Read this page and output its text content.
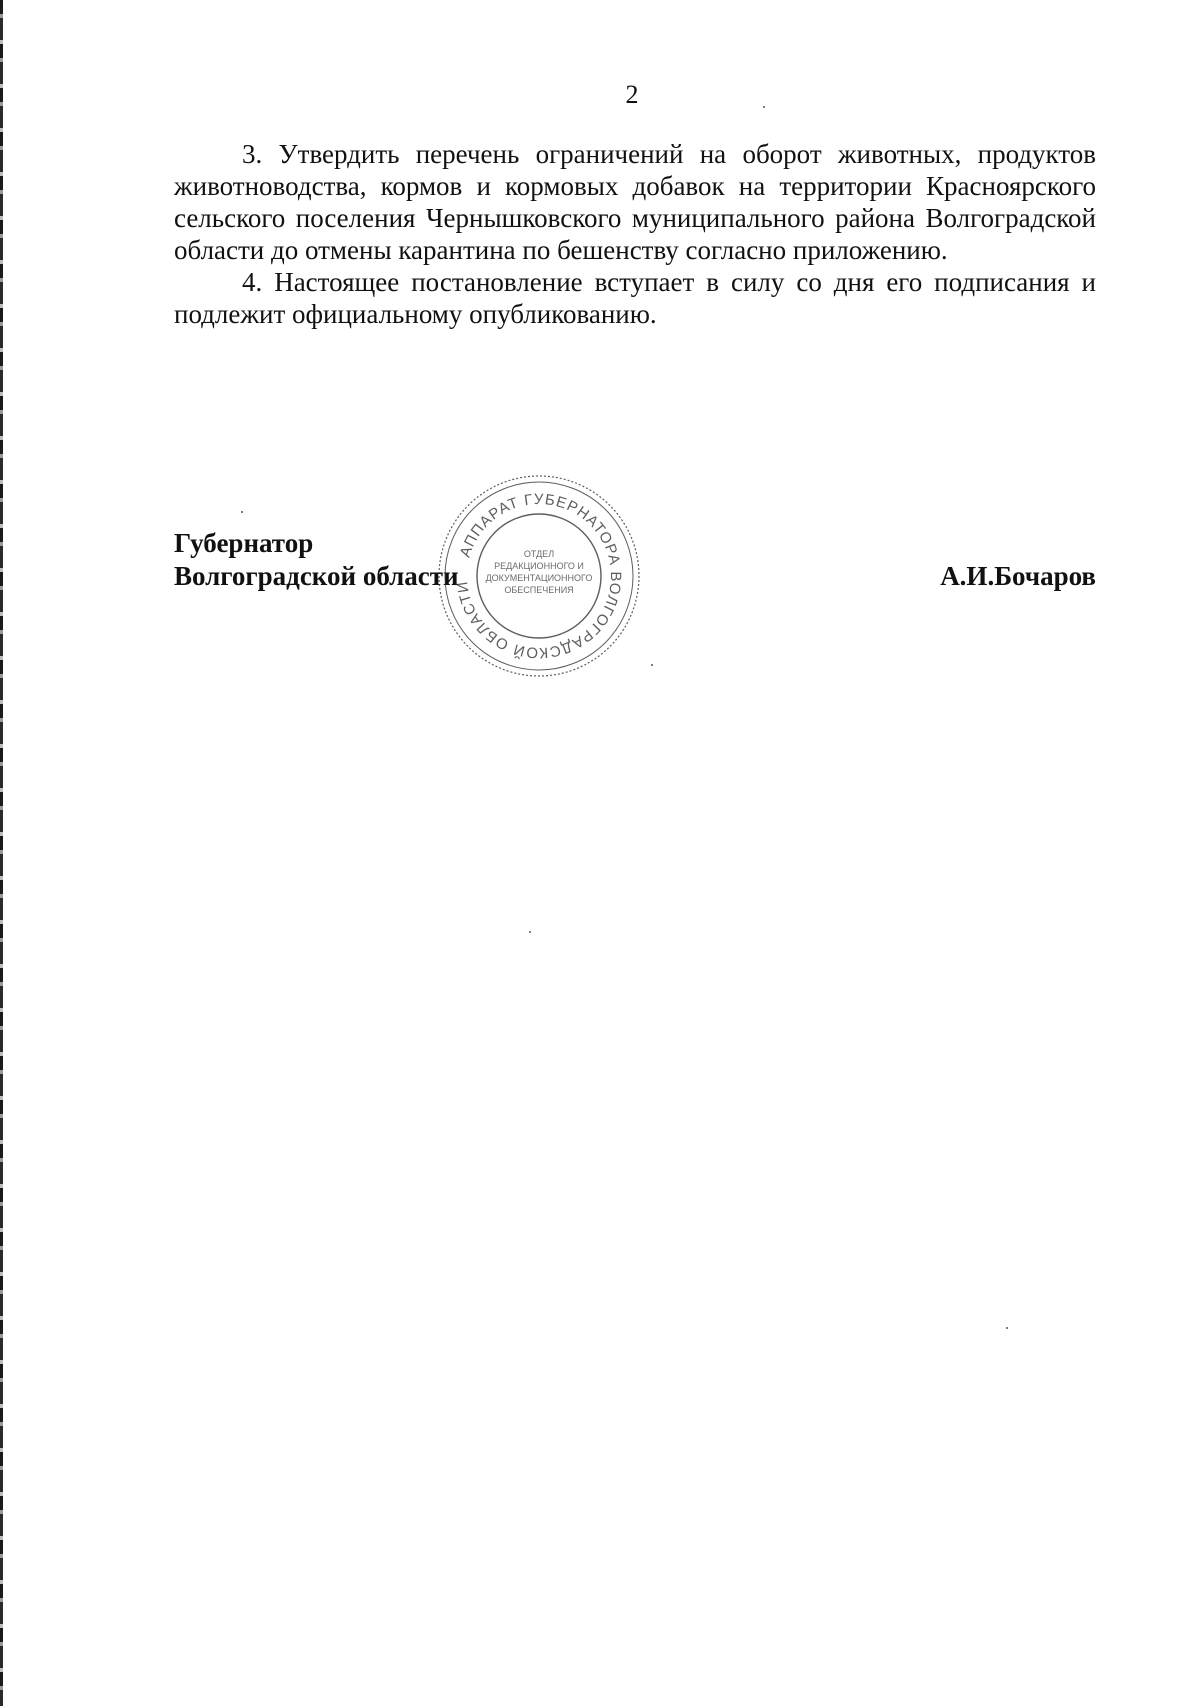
2

3. Утвердить перечень ограничений на оборот животных, продуктов животноводства, кормов и кормовых добавок на территории Красноярского сельского поселения Чернышковского муниципального района Волгоградской области до отмены карантина по бешенству согласно приложению.

4. Настоящее постановление вступает в силу со дня его подписания и подлежит официальному опубликованию.

Губернатор
Волгоградской области	А.И.Бочаров
АППАРАТ ГУБЕРНАТОРА ВОЛГОГРАДСКОЙ ОБЛАСТИ
ОТДЕЛ РЕДАКЦИОННОГО И ДОКУМЕНТАЦИОННОГО ОБЕСПЕЧЕНИЯ
